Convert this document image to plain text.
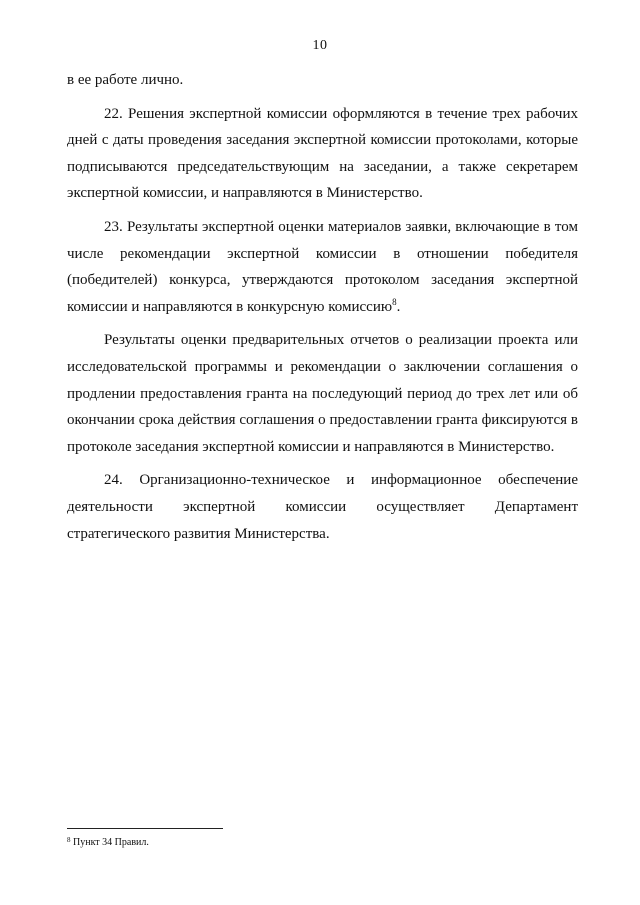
10

в ее работе лично.

22. Решения экспертной комиссии оформляются в течение трех рабочих дней с даты проведения заседания экспертной комиссии протоколами, которые подписываются председательствующим на заседании, а также секретарем экспертной комиссии, и направляются в Министерство.

23. Результаты экспертной оценки материалов заявки, включающие в том числе рекомендации экспертной комиссии в отношении победителя (победителей) конкурса, утверждаются протоколом заседания экспертной комиссии и направляются в конкурсную комиссию$^8$.

Результаты оценки предварительных отчетов о реализации проекта или исследовательской программы и рекомендации о заключении соглашения о продлении предоставления гранта на последующий период до трех лет или об окончании срока действия соглашения о предоставлении гранта фиксируются в протоколе заседания экспертной комиссии и направляются в Министерство.

24. Организационно-техническое и информационное обеспечение деятельности экспертной комиссии осуществляет Департамент стратегического развития Министерства.

$^8$ Пункт 34 Правил.
